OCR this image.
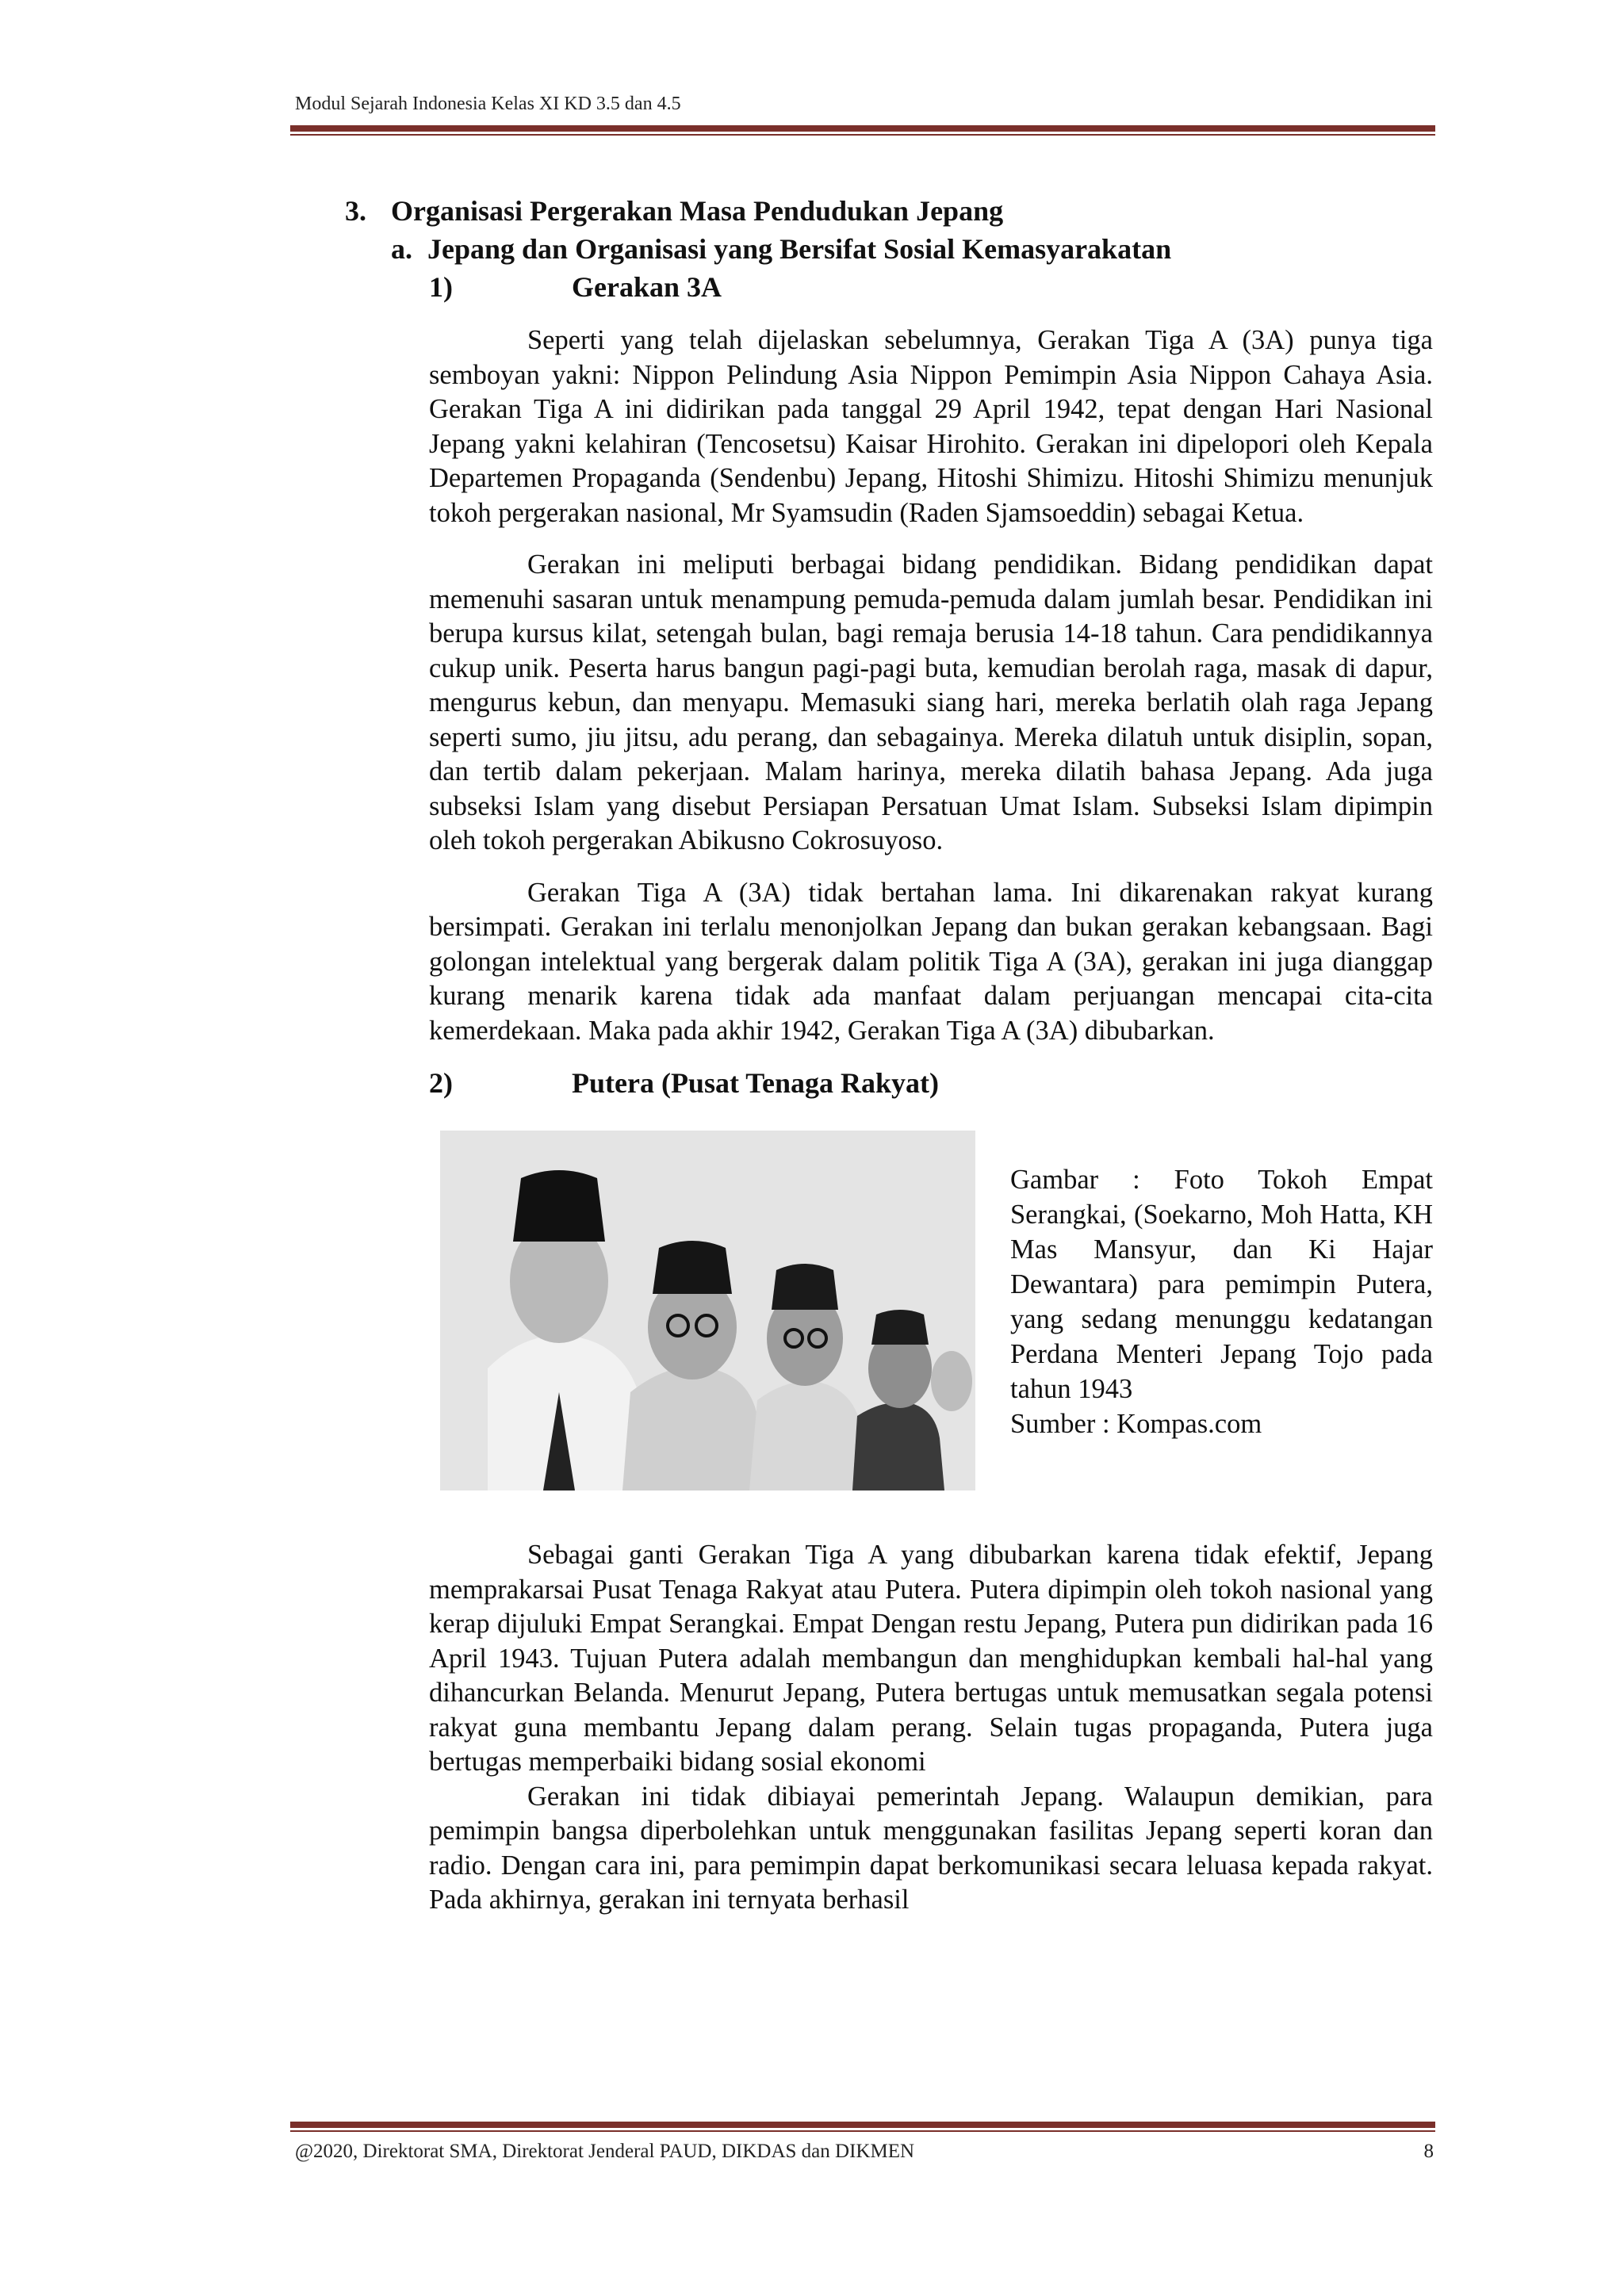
Modul Sejarah Indonesia Kelas XI KD 3.5 dan 4.5

3. Organisasi Pergerakan Masa Pendudukan Jepang

a. Jepang dan Organisasi yang Bersifat Sosial Kemasyarakatan

1)	Gerakan 3A

Seperti yang telah dijelaskan sebelumnya, Gerakan Tiga A (3A) punya tiga semboyan yakni: Nippon Pelindung Asia Nippon Pemimpin Asia Nippon Cahaya Asia. Gerakan Tiga A ini didirikan pada tanggal 29 April 1942, tepat dengan Hari Nasional Jepang yakni kelahiran (Tencosetsu) Kaisar Hirohito. Gerakan ini dipelopori oleh Kepala Departemen Propaganda (Sendenbu) Jepang, Hitoshi Shimizu. Hitoshi Shimizu menunjuk tokoh pergerakan nasional, Mr Syamsudin (Raden Sjamsoeddin) sebagai Ketua.

Gerakan ini meliputi berbagai bidang pendidikan. Bidang pendidikan dapat memenuhi sasaran untuk menampung pemuda-pemuda dalam jumlah besar. Pendidikan ini berupa kursus kilat, setengah bulan, bagi remaja berusia 14-18 tahun. Cara pendidikannya cukup unik. Peserta harus bangun pagi-pagi buta, kemudian berolah raga, masak di dapur, mengurus kebun, dan menyapu. Memasuki siang hari, mereka berlatih olah raga Jepang seperti sumo, jiu jitsu, adu perang, dan sebagainya. Mereka dilatuh untuk disiplin, sopan, dan tertib dalam pekerjaan. Malam harinya, mereka dilatih bahasa Jepang. Ada juga subseksi Islam yang disebut Persiapan Persatuan Umat Islam. Subseksi Islam dipimpin oleh tokoh pergerakan Abikusno Cokrosuyoso.

Gerakan Tiga A (3A) tidak bertahan lama. Ini dikarenakan rakyat kurang bersimpati. Gerakan ini terlalu menonjolkan Jepang dan bukan gerakan kebangsaan. Bagi golongan intelektual yang bergerak dalam politik Tiga A (3A), gerakan ini juga dianggap kurang menarik karena tidak ada manfaat dalam perjuangan mencapai cita-cita kemerdekaan. Maka pada akhir 1942, Gerakan Tiga A (3A) dibubarkan.

2)	Putera (Pusat Tenaga Rakyat)

Gambar : Foto Tokoh Empat Serangkai, (Soekarno, Moh Hatta, KH Mas Mansyur, dan Ki Hajar Dewantara) para pemimpin Putera, yang sedang menunggu kedatangan Perdana Menteri Jepang Tojo pada tahun 1943
Sumber : Kompas.com

Sebagai ganti Gerakan Tiga A yang dibubarkan karena tidak efektif, Jepang memprakarsai Pusat Tenaga Rakyat atau Putera. Putera dipimpin oleh tokoh nasional yang kerap dijuluki Empat Serangkai. Empat Dengan restu Jepang, Putera pun didirikan pada 16 April 1943. Tujuan Putera adalah membangun dan menghidupkan kembali hal-hal yang dihancurkan Belanda. Menurut Jepang, Putera bertugas untuk memusatkan segala potensi rakyat guna membantu Jepang dalam perang. Selain tugas propaganda, Putera juga bertugas memperbaiki bidang sosial ekonomi

Gerakan ini tidak dibiayai pemerintah Jepang. Walaupun demikian, para pemimpin bangsa diperbolehkan untuk menggunakan fasilitas Jepang seperti koran dan radio. Dengan cara ini, para pemimpin dapat berkomunikasi secara leluasa kepada rakyat. Pada akhirnya, gerakan ini ternyata berhasil

@2020, Direktorat SMA, Direktorat Jenderal PAUD, DIKDAS dan DIKMEN	8
